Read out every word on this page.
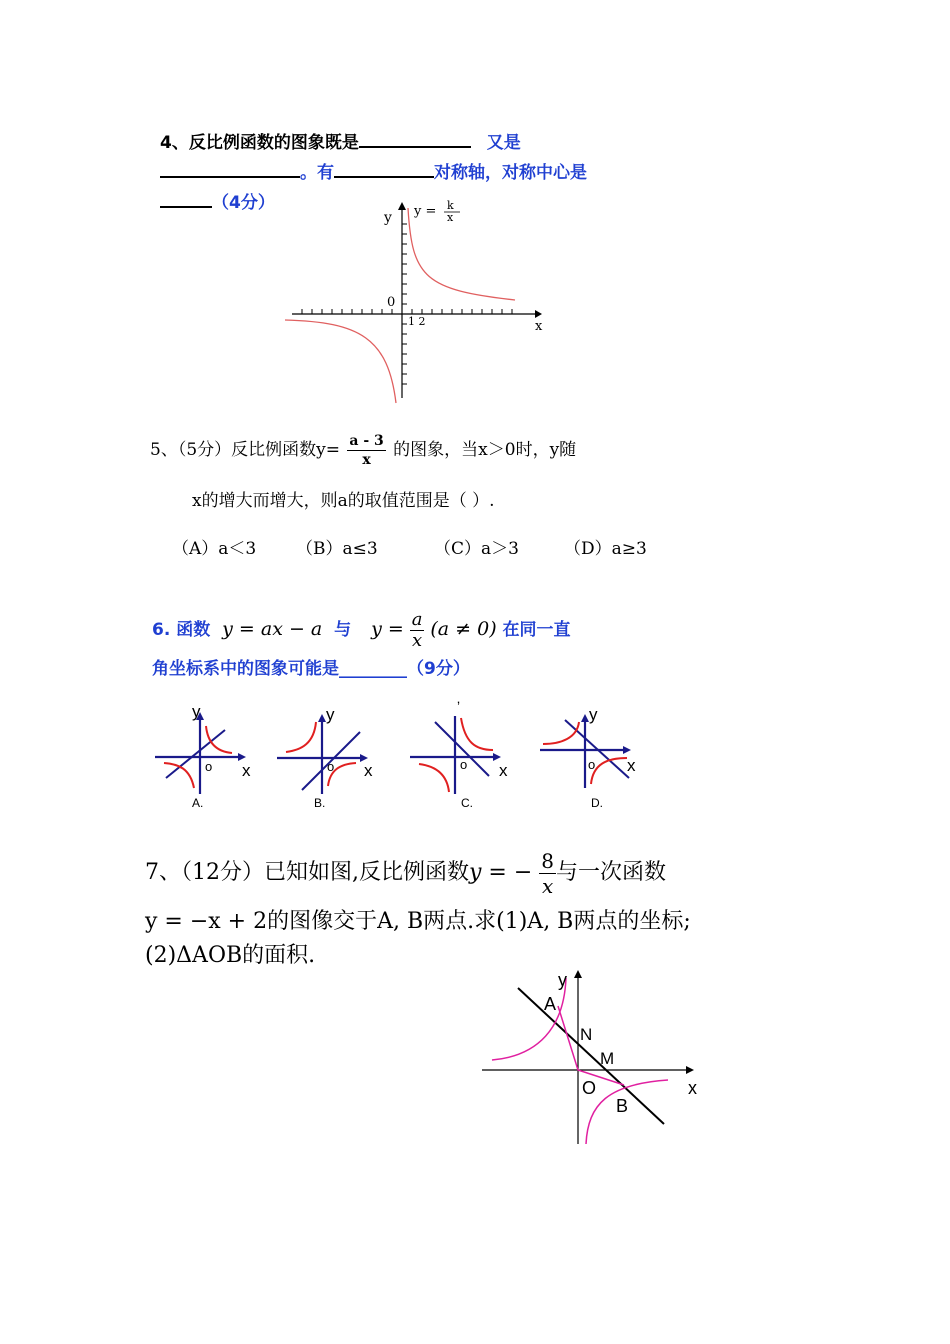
4、反比例函数的图象既是	又是
。有	对称轴，对称中心是
（4分）
y
x
0
1 2
y = k
x
5、（5分）反比例函数$y= \frac{a - 3}{x}$ 的图象，当x＞0时，y随
x的增大而增大，则a的取值范围是（ ）.
（A）a＜3 （B）a≤3	（C）a＞3	（D）a≥3
6. 函数 y = ax − a 与 $y = \frac{a}{x} (a \ne 0)$ 在同一直
角坐标系中的图象可能是________（9分）
y
x
o
A.
y
x
o
B.
ʼ
x
o
C.
y
x
o
D.
7、（12分）已知如图,反比例函数y = − $\frac{8}{x}$ 与一次函数
y = −x + 2的图像交于A, B两点.求(1)A, B两点的坐标;
(2)ΔAOB的面积.
y
x
A
N
M
O
B
